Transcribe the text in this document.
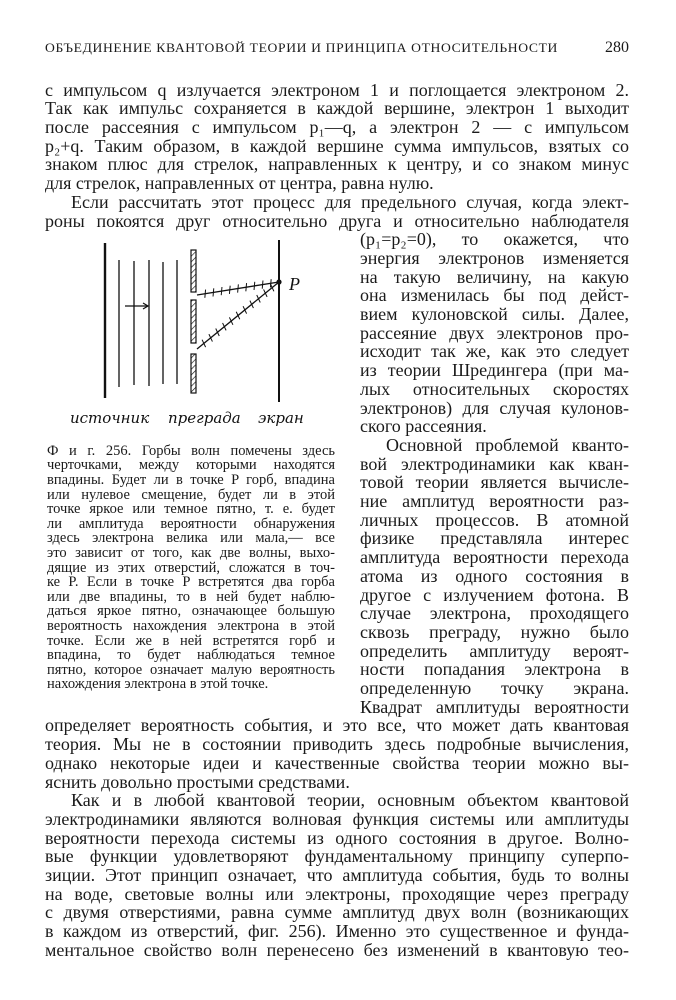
ОБЪЕДИНЕНИЕ КВАНТОВОЙ ТЕОРИИ И ПРИНЦИПА ОТНОСИТЕЛЬНОСТИ	280
P
источник преграда экран
с импульсом q излучается электроном 1 и поглощается электроном 2.
Так как импульс сохраняется в каждой вершине, электрон 1 выходит
после рассеяния с импульсом p₁—q, а электрон 2 — с импульсом
p₂+q. Таким образом, в каждой вершине сумма импульсов, взятых со
знаком плюс для стрелок, направленных к центру, и со знаком минус
для стрелок, направленных от центра, равна нулю.
Если рассчитать этот процесс для предельного случая, когда элект-
роны покоятся друг относительно друга и относительно наблюдателя
(p₁=p₂=0), то окажется, что
энергия электронов изменяется
на такую величину, на какую
она изменилась бы под дейст-
вием кулоновской силы. Далее,
рассеяние двух электронов про-
исходит так же, как это следует
из теории Шредингера (при ма-
лых относительных скоростях
электронов) для случая кулонов-
ского рассеяния.
Основной проблемой кванто-
вой электродинамики как кван-
товой теории является вычисле-
ние амплитуд вероятности раз-
личных процессов. В атомной
физике представляла интерес
амплитуда вероятности перехода
атома из одного состояния в
другое с излучением фотона. В
случае электрона, проходящего
сквозь преграду, нужно было
определить амплитуду вероят-
ности попадания электрона в
определенную точку экрана.
Квадрат амплитуды вероятности
определяет вероятность события, и это все, что может дать квантовая
теория. Мы не в состоянии приводить здесь подробные вычисления,
однако некоторые идеи и качественные свойства теории можно вы-
яснить довольно простыми средствами.
Как и в любой квантовой теории, основным объектом квантовой
электродинамики являются волновая функция системы или амплитуды
вероятности перехода системы из одного состояния в другое. Волно-
вые функции удовлетворяют фундаментальному принципу суперпо-
зиции. Этот принцип означает, что амплитуда события, будь то волны
на воде, световые волны или электроны, проходящие через преграду
с двумя отверстиями, равна сумме амплитуд двух волн (возникающих
в каждом из отверстий, фиг. 256). Именно это существенное и фунда-
ментальное свойство волн перенесено без изменений в квантовую тео-
Ф и г. 256. Горбы волн помечены здесь
черточками, между которыми находятся
впадины. Будет ли в точке P горб, впадина
или нулевое смещение, будет ли в этой
точке яркое или темное пятно, т. е. будет
ли амплитуда вероятности обнаружения
здесь электрона велика или мала,— все
это зависит от того, как две волны, выхо-
дящие из этих отверстий, сложатся в точ-
ке P. Если в точке P встретятся два горба
или две впадины, то в ней будет наблю-
даться яркое пятно, означающее большую
вероятность нахождения электрона в этой
точке. Если же в ней встретятся горб и
впадина, то будет наблюдаться темное
пятно, которое означает малую вероятность
нахождения электрона в этой точке.
